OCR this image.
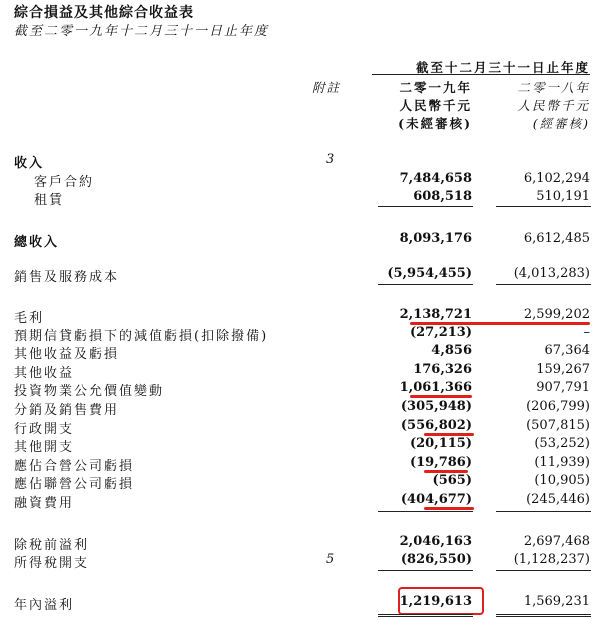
綜合損益及其他綜合收益表
截至二零一九年十二月三十一日止年度
截至十二月三十一日止年度
附註	二零一九年
人民幣千元
(未經審核)
二零一八年
人民幣千元
(經審核)
收入	3
客戶合約	7,484,658	6,102,294
租賃	608,518	510,191
總收入	8,093,176	6,612,485
銷售及服務成本	(5,954,455)	(4,013,283)
毛利	2,138,721	2,599,202
預期信貸虧損下的減值虧損(扣除撥備)	(27,213)	–
其他收益及虧損	4,856	67,364
其他收益	176,326	159,267
投資物業公允價值變動	1,061,366	907,791
分銷及銷售費用	(305,948)	(206,799)
行政開支	(556,802)	(507,815)
其他開支	(20,115)	(53,252)
應佔合營公司虧損	(19,786)	(11,939)
應佔聯營公司虧損	(565)	(10,905)
融資費用	(404,677)	(245,446)
除稅前溢利	2,046,163	2,697,468
所得稅開支	5	(826,550)	(1,128,237)
年內溢利	1,219,613	1,569,231
